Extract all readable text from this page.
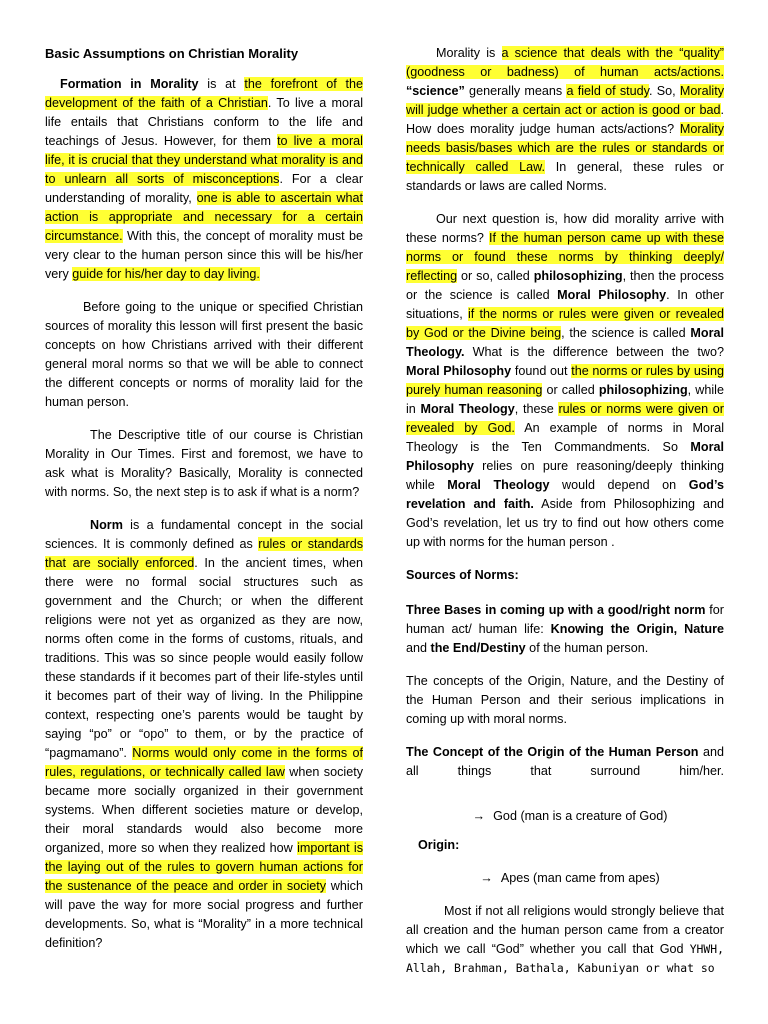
Basic Assumptions on Christian Morality

Formation in Morality is at the forefront of the development of the faith of a Christian. To live a moral life entails that Christians conform to the life and teachings of Jesus. However, for them to live a moral life, it is crucial that they understand what morality is and to unlearn all sorts of misconceptions. For a clear understanding of morality, one is able to ascertain what action is appropriate and necessary for a certain circumstance. With this, the concept of morality must be very clear to the human person since this will be his/her very guide for his/her day to day living.

Before going to the unique or specified Christian sources of morality this lesson will first present the basic concepts on how Christians arrived with their different general moral norms so that we will be able to connect the different concepts or norms of morality laid for the human person.

The Descriptive title of our course is Christian Morality in Our Times. First and foremost, we have to ask what is Morality? Basically, Morality is connected with norms. So, the next step is to ask if what is a norm?

Norm is a fundamental concept in the social sciences. It is commonly defined as rules or standards that are socially enforced. In the ancient times, when there were no formal social structures such as government and the Church; or when the different religions were not yet as organized as they are now, norms often come in the forms of customs, rituals, and traditions. This was so since people would easily follow these standards if it becomes part of their life-styles until it becomes part of their way of living. In the Philippine context, respecting one’s parents would be taught by saying “po” or “opo” to them, or by the practice of “pagmamano”. Norms would only come in the forms of rules, regulations, or technically called law when society became more socially organized in their government systems. When different societies mature or develop, their moral standards would also become more organized, more so when they realized how important is the laying out of the rules to govern human actions for the sustenance of the peace and order in society which will pave the way for more social progress and further developments. So, what is “Morality” in a more technical definition?

Morality is a science that deals with the “quality” (goodness or badness) of human acts/actions. “science” generally means a field of study. So, Morality will judge whether a certain act or action is good or bad. How does morality judge human acts/actions? Morality needs basis/bases which are the rules or standards or technically called Law. In general, these rules or standards or laws are called Norms.

Our next question is, how did morality arrive with these norms? If the human person came up with these norms or found these norms by thinking deeply/ reflecting or so, called philosophizing, then the process or the science is called Moral Philosophy. In other situations, if the norms or rules were given or revealed by God or the Divine being, the science is called Moral Theology. What is the difference between the two? Moral Philosophy found out the norms or rules by using purely human reasoning or called philosophizing, while in Moral Theology, these rules or norms were given or revealed by God. An example of norms in Moral Theology is the Ten Commandments. So Moral Philosophy relies on pure reasoning/deeply thinking while Moral Theology would depend on God’s revelation and faith. Aside from Philosophizing and God’s revelation, let us try to find out how others come up with norms for the human person .

Sources of Norms:

Three Bases in coming up with a good/right norm for human act/ human life: Knowing the Origin, Nature and the End/Destiny of the human person.

The concepts of the Origin, Nature, and the Destiny of the Human Person and their serious implications in coming up with moral norms.

The Concept of the Origin of the Human Person and all things that surround him/her.

→ God (man is a creature of God)
Origin:
→ Apes (man came from apes)

Most if not all religions would strongly believe that all creation and the human person came from a creator which we call “God” whether you call that God YHWH, Allah, Brahman, Bathala, Kabuniyan or what so
